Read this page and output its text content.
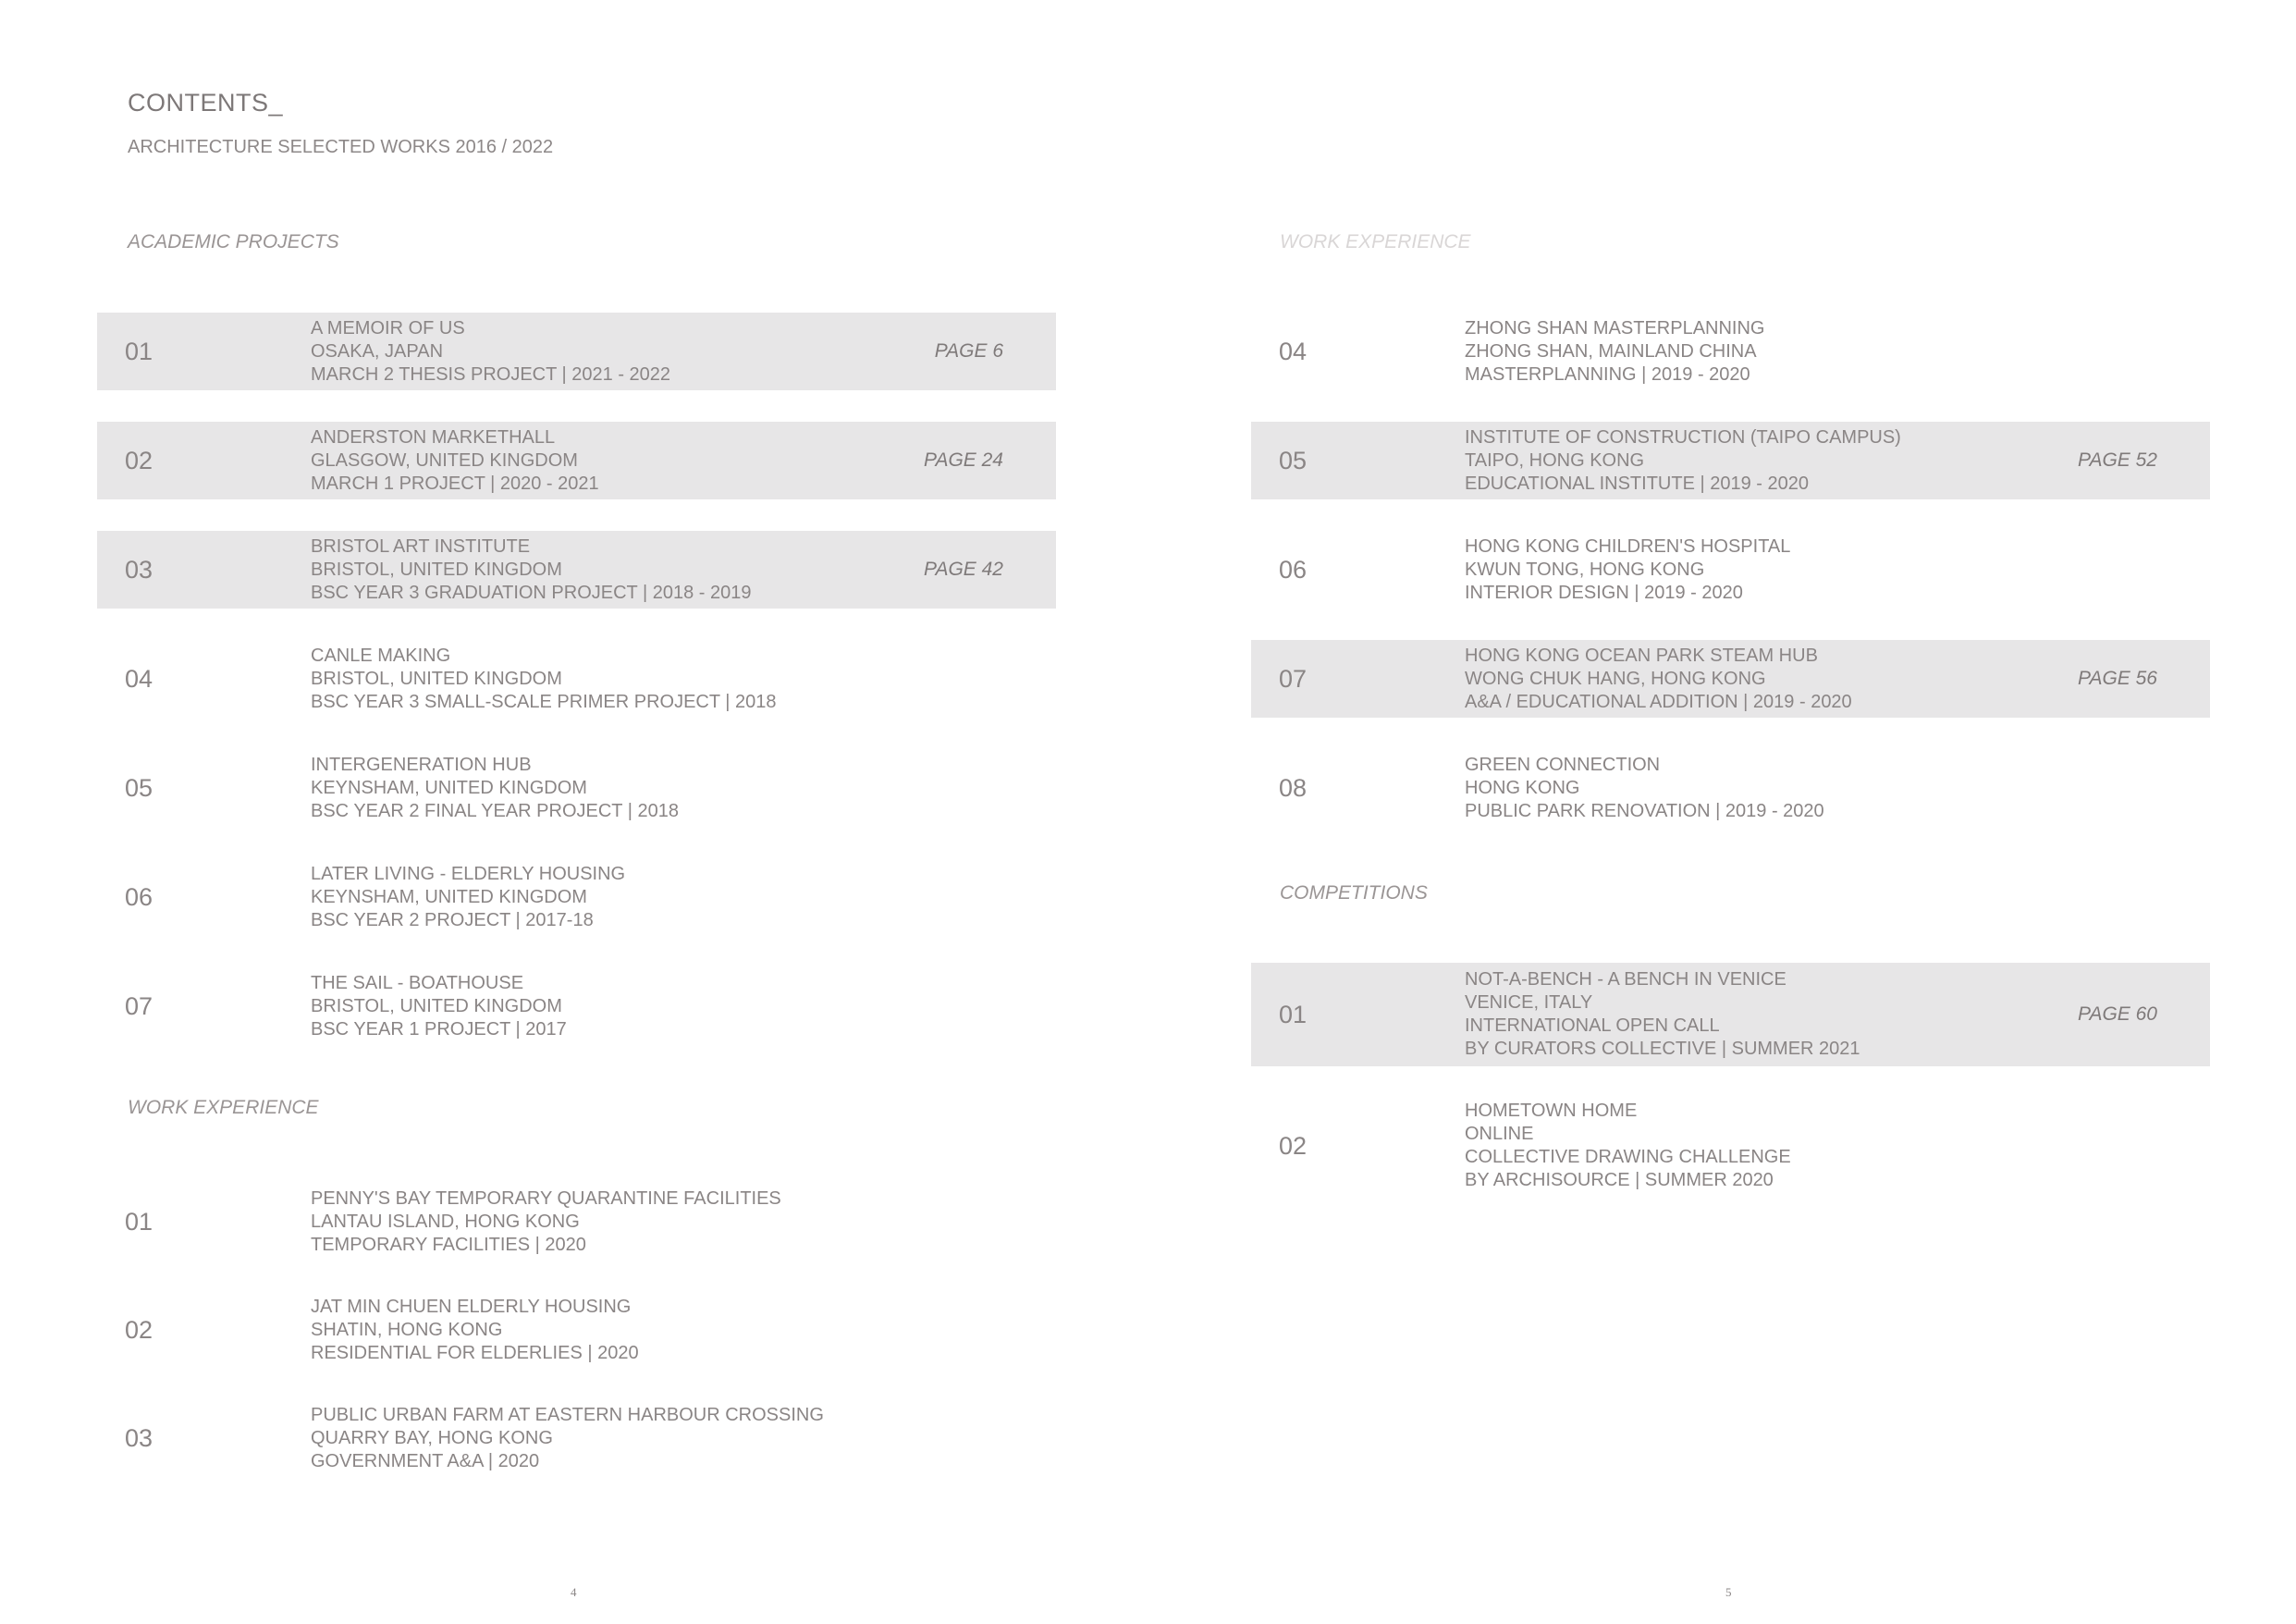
CONTENTS_
ARCHITECTURE SELECTED WORKS 2016 / 2022
ACADEMIC PROJECTS
01
A MEMOIR OF US
OSAKA, JAPAN
MARCH 2 THESIS PROJECT | 2021 - 2022
PAGE 6
02
ANDERSTON MARKETHALL
GLASGOW, UNITED KINGDOM
MARCH 1 PROJECT | 2020 - 2021
PAGE 24
03
BRISTOL ART INSTITUTE
BRISTOL, UNITED KINGDOM
BSC YEAR 3 GRADUATION PROJECT | 2018 - 2019
PAGE 42
04
CANLE MAKING
BRISTOL, UNITED KINGDOM
BSC YEAR 3 SMALL-SCALE PRIMER PROJECT | 2018
05
INTERGENERATION HUB
KEYNSHAM, UNITED KINGDOM
BSC YEAR 2 FINAL YEAR PROJECT | 2018
06
LATER LIVING - ELDERLY HOUSING
KEYNSHAM, UNITED KINGDOM
BSC YEAR 2 PROJECT | 2017-18
07
THE SAIL - BOATHOUSE
BRISTOL, UNITED KINGDOM
BSC YEAR 1 PROJECT | 2017
WORK EXPERIENCE
01
PENNY'S BAY TEMPORARY QUARANTINE FACILITIES
LANTAU ISLAND, HONG KONG
TEMPORARY FACILITIES | 2020
02
JAT MIN CHUEN ELDERLY HOUSING
SHATIN, HONG KONG
RESIDENTIAL FOR ELDERLIES | 2020
03
PUBLIC URBAN FARM AT EASTERN HARBOUR CROSSING
QUARRY BAY, HONG KONG
GOVERNMENT A&A | 2020
WORK EXPERIENCE
04
ZHONG SHAN MASTERPLANNING
ZHONG SHAN, MAINLAND CHINA
MASTERPLANNING | 2019 - 2020
05
INSTITUTE OF CONSTRUCTION (TAIPO CAMPUS)
TAIPO, HONG KONG
EDUCATIONAL INSTITUTE | 2019 - 2020
PAGE 52
06
HONG KONG CHILDREN'S HOSPITAL
KWUN TONG, HONG KONG
INTERIOR DESIGN | 2019 - 2020
07
HONG KONG OCEAN PARK STEAM HUB
WONG CHUK HANG, HONG KONG
A&A / EDUCATIONAL ADDITION | 2019 - 2020
PAGE 56
08
GREEN CONNECTION
HONG KONG
PUBLIC PARK RENOVATION | 2019 - 2020
COMPETITIONS
01
NOT-A-BENCH - A BENCH IN VENICE
VENICE, ITALY
INTERNATIONAL OPEN CALL
BY CURATORS COLLECTIVE | SUMMER 2021
PAGE 60
02
HOMETOWN HOME
ONLINE
COLLECTIVE DRAWING CHALLENGE
BY ARCHISOURCE | SUMMER 2020
4	5
